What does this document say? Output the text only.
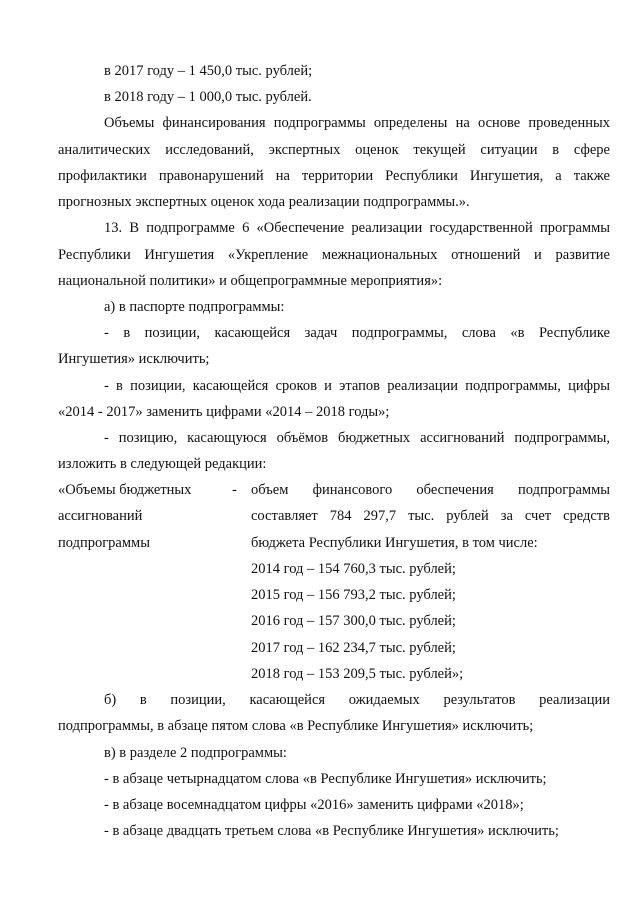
в 2017 году – 1 450,0 тыс. рублей;
в 2018 году – 1 000,0 тыс. рублей.
Объемы финансирования подпрограммы определены на основе проведенных
аналитических исследований, экспертных оценок текущей ситуации в сфере
профилактики правонарушений на территории Республики Ингушетия, а также
прогнозных экспертных оценок хода реализации подпрограммы.».
13. В подпрограмме 6 «Обеспечение реализации государственной программы
Республики Ингушетия «Укрепление межнациональных отношений и развитие
национальной политики» и общепрограммные мероприятия»:
а) в паспорте подпрограммы:
- в позиции, касающейся задач подпрограммы, слова «в Республике
Ингушетия» исключить;
- в позиции, касающейся сроков и этапов реализации подпрограммы, цифры
«2014 - 2017» заменить цифрами «2014 – 2018 годы»;
- позицию, касающуюся объёмов бюджетных ассигнований подпрограммы,
изложить в следующей редакции:
«Объемы бюджетных
ассигнований
подпрограммы
- объем финансового обеспечения подпрограммы
составляет 784 297,7 тыс. рублей за счет средств
бюджета Республики Ингушетия, в том числе:
2014 год – 154 760,3 тыс. рублей;
2015 год – 156 793,2 тыс. рублей;
2016 год – 157 300,0 тыс. рублей;
2017 год – 162 234,7 тыс. рублей;
2018 год – 153 209,5 тыс. рублей»;
б) в позиции, касающейся ожидаемых результатов реализации
подпрограммы, в абзаце пятом слова «в Республике Ингушетия» исключить;
в) в разделе 2 подпрограммы:
- в абзаце четырнадцатом слова «в Республике Ингушетия» исключить;
- в абзаце восемнадцатом цифры «2016» заменить цифрами «2018»;
- в абзаце двадцать третьем слова «в Республике Ингушетия» исключить;
